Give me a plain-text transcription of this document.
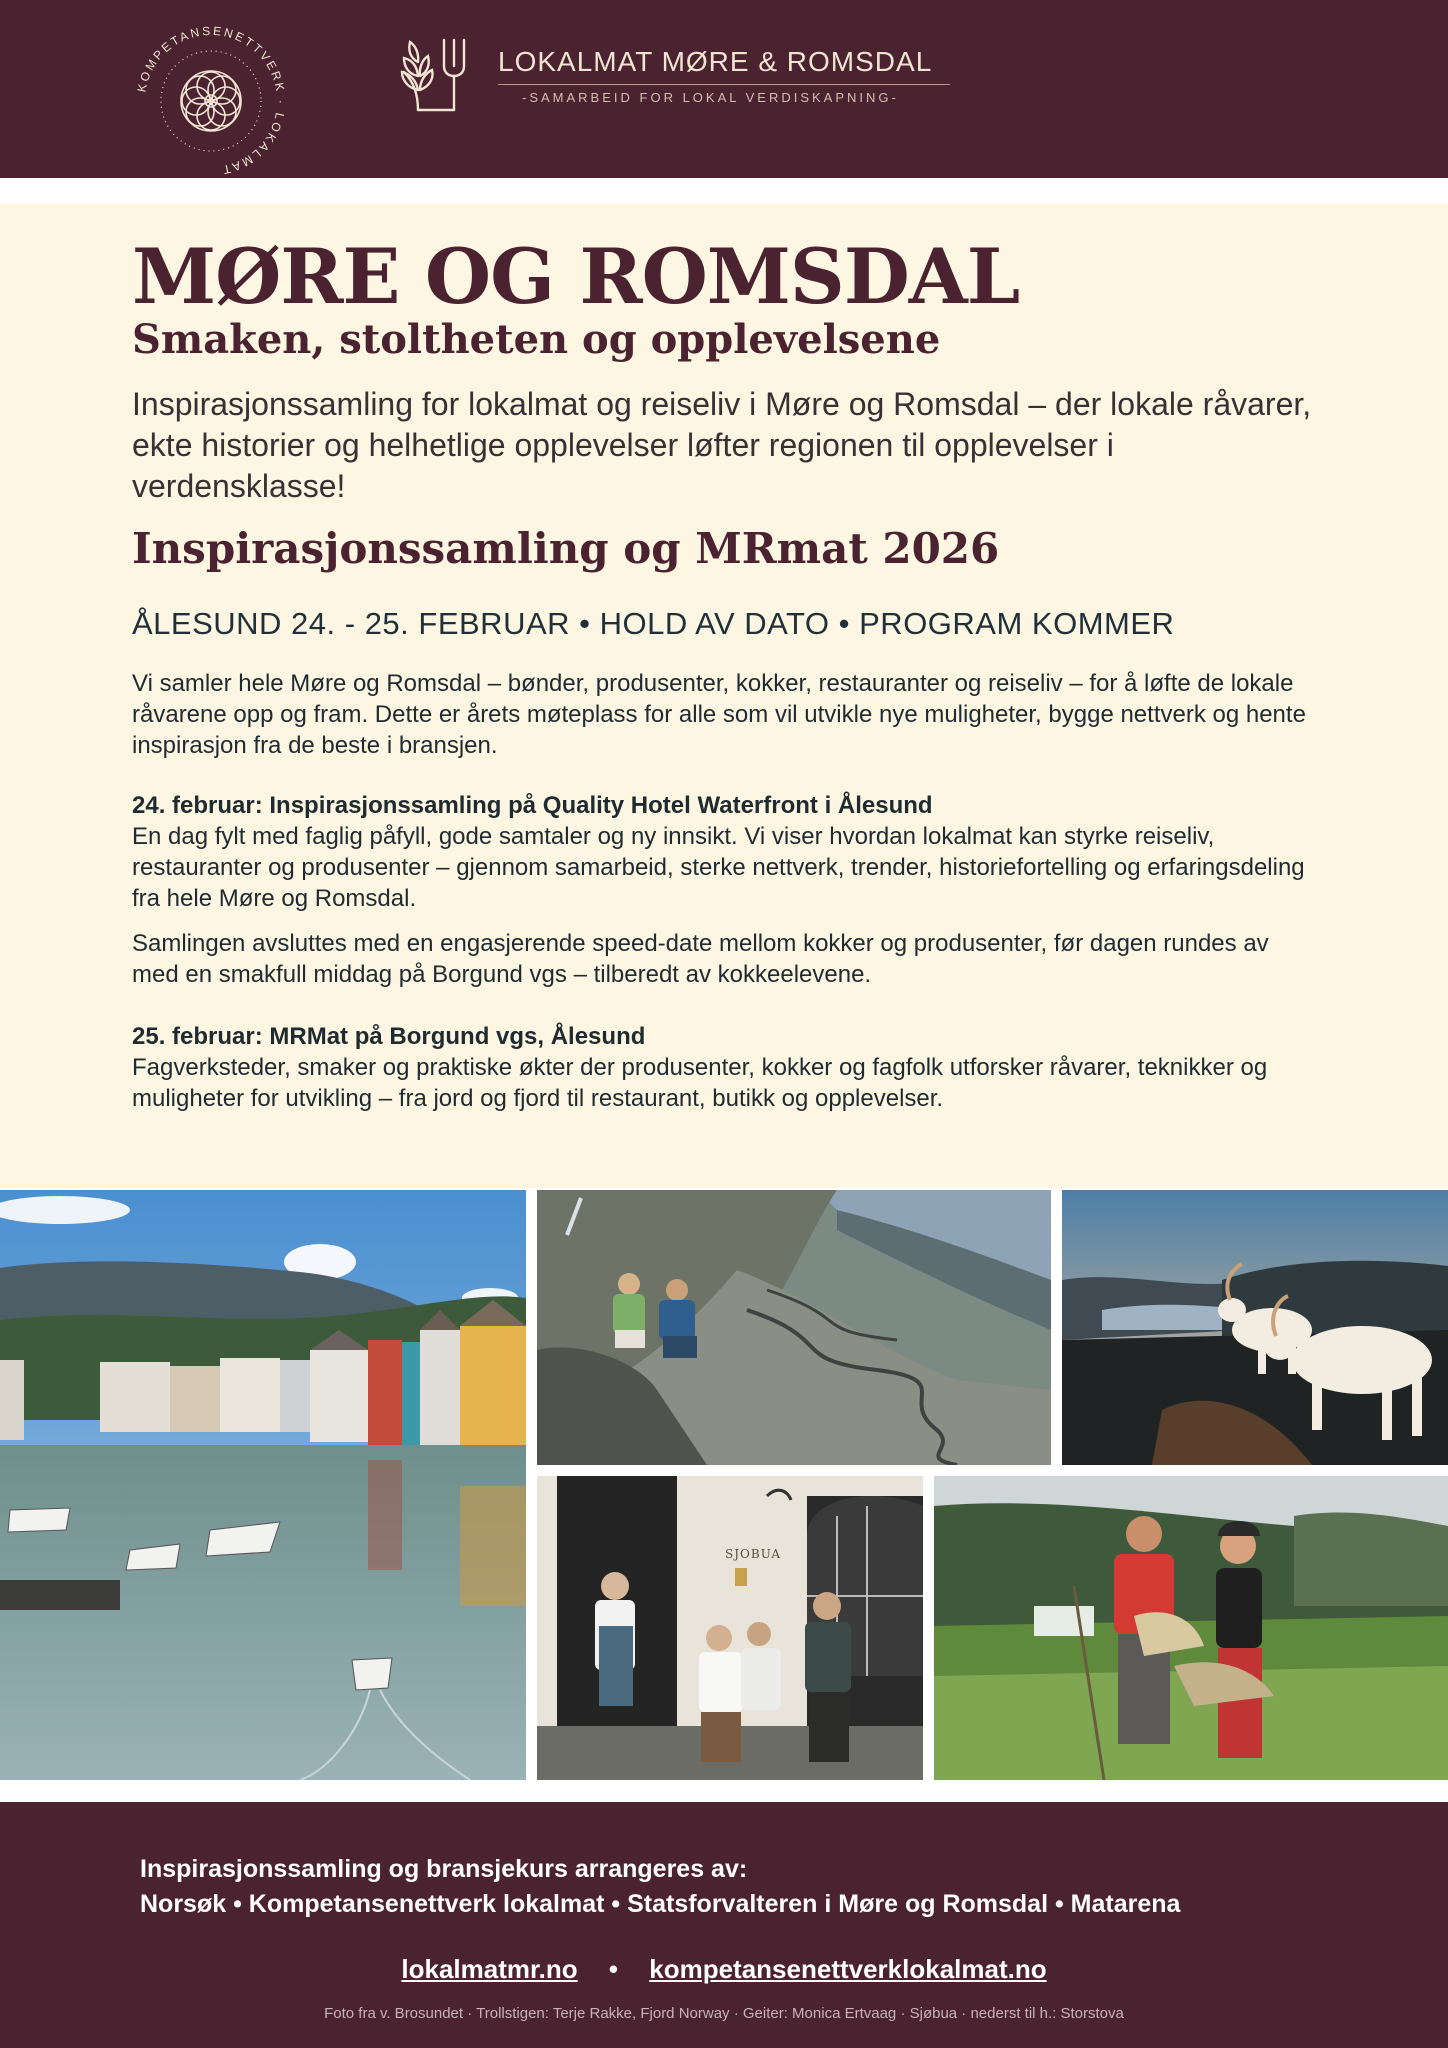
KOMPETANSENETTVERK · LOKALMAT
LOKALMAT MØRE & ROMSDAL
-SAMARBEID FOR LOKAL VERDISKAPNING-
MØRE OG ROMSDAL
Smaken, stoltheten og opplevelsene
Inspirasjonssamling for lokalmat og reiseliv i Møre og Romsdal – der lokale råvarer, ekte historier og helhetlige opplevelser løfter regionen til opplevelser i verdensklasse!
Inspirasjonssamling og MRmat 2026
ÅLESUND 24. - 25. FEBRUAR • HOLD AV DATO • PROGRAM KOMMER
Vi samler hele Møre og Romsdal – bønder, produsenter, kokker, restauranter og reiseliv – for å løfte de lokale råvarene opp og fram. Dette er årets møteplass for alle som vil utvikle nye muligheter, bygge nettverk og hente inspirasjon fra de beste i bransjen.
24. februar: Inspirasjonssamling på Quality Hotel Waterfront i Ålesund
En dag fylt med faglig påfyll, gode samtaler og ny innsikt. Vi viser hvordan lokalmat kan styrke reiseliv, restauranter og produsenter – gjennom samarbeid, sterke nettverk, trender, historiefortelling og erfaringsdeling fra hele Møre og Romsdal.
Samlingen avsluttes med en engasjerende speed-date mellom kokker og produsenter, før dagen rundes av med en smakfull middag på Borgund vgs – tilberedt av kokkeelevene.
25. februar: MRMat på Borgund vgs, Ålesund
Fagverksteder, smaker og praktiske økter der produsenter, kokker og fagfolk utforsker råvarer, teknikker og muligheter for utvikling – fra jord og fjord til restaurant, butikk og opplevelser.
SJOBUA
Inspirasjonssamling og bransjekurs arrangeres av:
Norsøk • Kompetansenettverk lokalmat • Statsforvalteren i Møre og Romsdal • Matarena
lokalmatmr.no • kompetansenettverklokalmat.no
Foto fra v. Brosundet · Trollstigen: Terje Rakke, Fjord Norway · Geiter: Monica Ertvaag · Sjøbua · nederst til h.: Storstova
